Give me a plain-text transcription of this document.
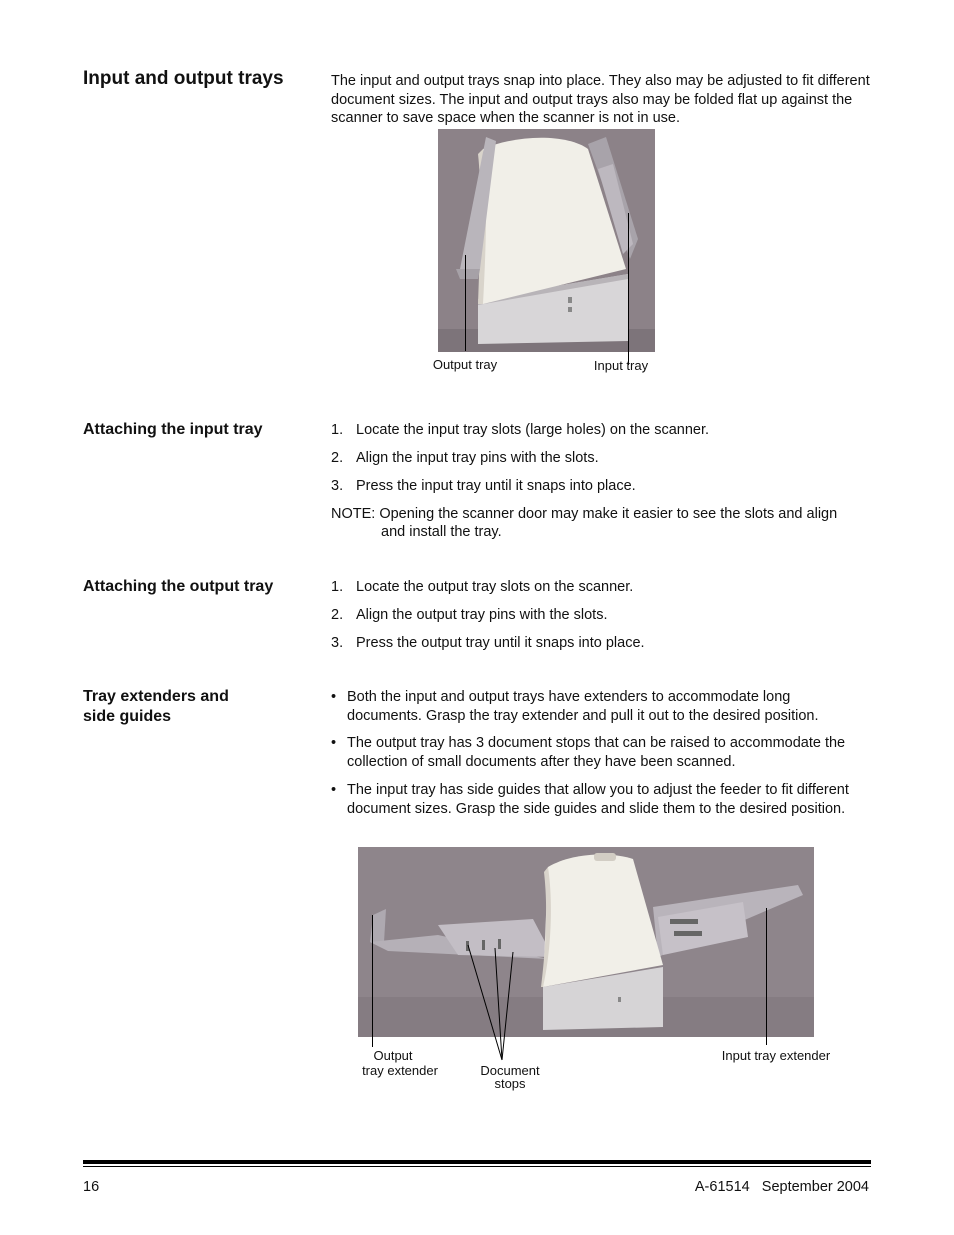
Input and output trays	The input and output trays snap into place. They also may be adjusted to fit different document sizes. The input and output trays also may be folded flat up against the scanner to save space when the scanner is not in use.
Output tray	Input tray
Attaching the input tray	1. Locate the input tray slots (large holes) on the scanner.
2. Align the input tray pins with the slots.
3. Press the input tray until it snaps into place.
NOTE: Opening the scanner door may make it easier to see the slots and align
and install the tray.
Attaching the output tray	1. Locate the output tray slots on the scanner.
2. Align the output tray pins with the slots.
3. Press the output tray until it snaps into place.
Tray extenders and
side guides
• Both the input and output trays have extenders to accommodate long documents. Grasp the tray extender and pull it out to the desired position.
• The output tray has 3 document stops that can be raised to accommodate the collection of small documents after they have been scanned.
• The input tray has side guides that allow you to adjust the feeder to fit different document sizes. Grasp the side guides and slide them to the desired position.
Output
tray extender	Document
stops
Input tray extender
16	A-61514   September 2004
